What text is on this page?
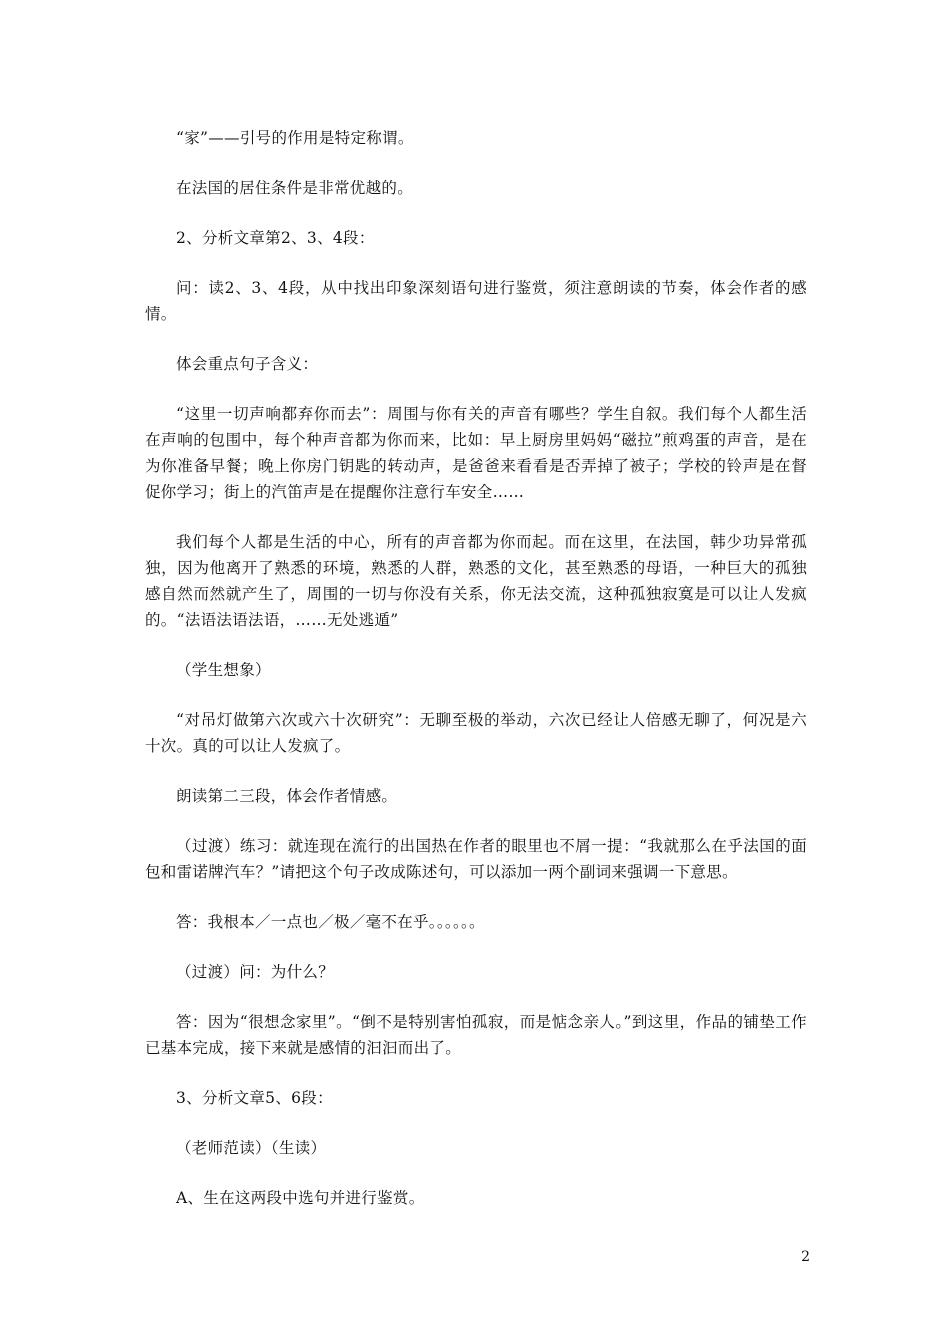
“家”——引号的作用是特定称谓。

在法国的居住条件是非常优越的。

2、分析文章第2、3、4段：

问：读2、3、4段，从中找出印象深刻语句进行鉴赏，须注意朗读的节奏，体会作者的感情。

体会重点句子含义：

“这里一切声响都弃你而去”：周围与你有关的声音有哪些？学生自叙。我们每个人都生活在声响的包围中，每个种声音都为你而来，比如：早上厨房里妈妈“磁拉”煎鸡蛋的声音，是在为你准备早餐；晚上你房门钥匙的转动声，是爸爸来看看是否弄掉了被子；学校的铃声是在督促你学习；街上的汽笛声是在提醒你注意行车安全……

我们每个人都是生活的中心，所有的声音都为你而起。而在这里，在法国，韩少功异常孤独，因为他离开了熟悉的环境，熟悉的人群，熟悉的文化，甚至熟悉的母语，一种巨大的孤独感自然而然就产生了，周围的一切与你没有关系，你无法交流，这种孤独寂寞是可以让人发疯的。“法语法语法语，……无处逃遁”

（学生想象）

“对吊灯做第六次或六十次研究”：无聊至极的举动，六次已经让人倍感无聊了，何况是六十次。真的可以让人发疯了。

朗读第二三段，体会作者情感。

（过渡）练习：就连现在流行的出国热在作者的眼里也不屑一提：“我就那么在乎法国的面包和雷诺牌汽车？”请把这个句子改成陈述句，可以添加一两个副词来强调一下意思。

答：我根本／一点也／极／毫不在乎。。。。。。

（过渡）问：为什么？

答：因为“很想念家里”。“倒不是特别害怕孤寂，而是惦念亲人。”到这里，作品的铺垫工作已基本完成，接下来就是感情的汩汩而出了。

3、分析文章5、6段：

（老师范读）（生读）

A、生在这两段中选句并进行鉴赏。

2
